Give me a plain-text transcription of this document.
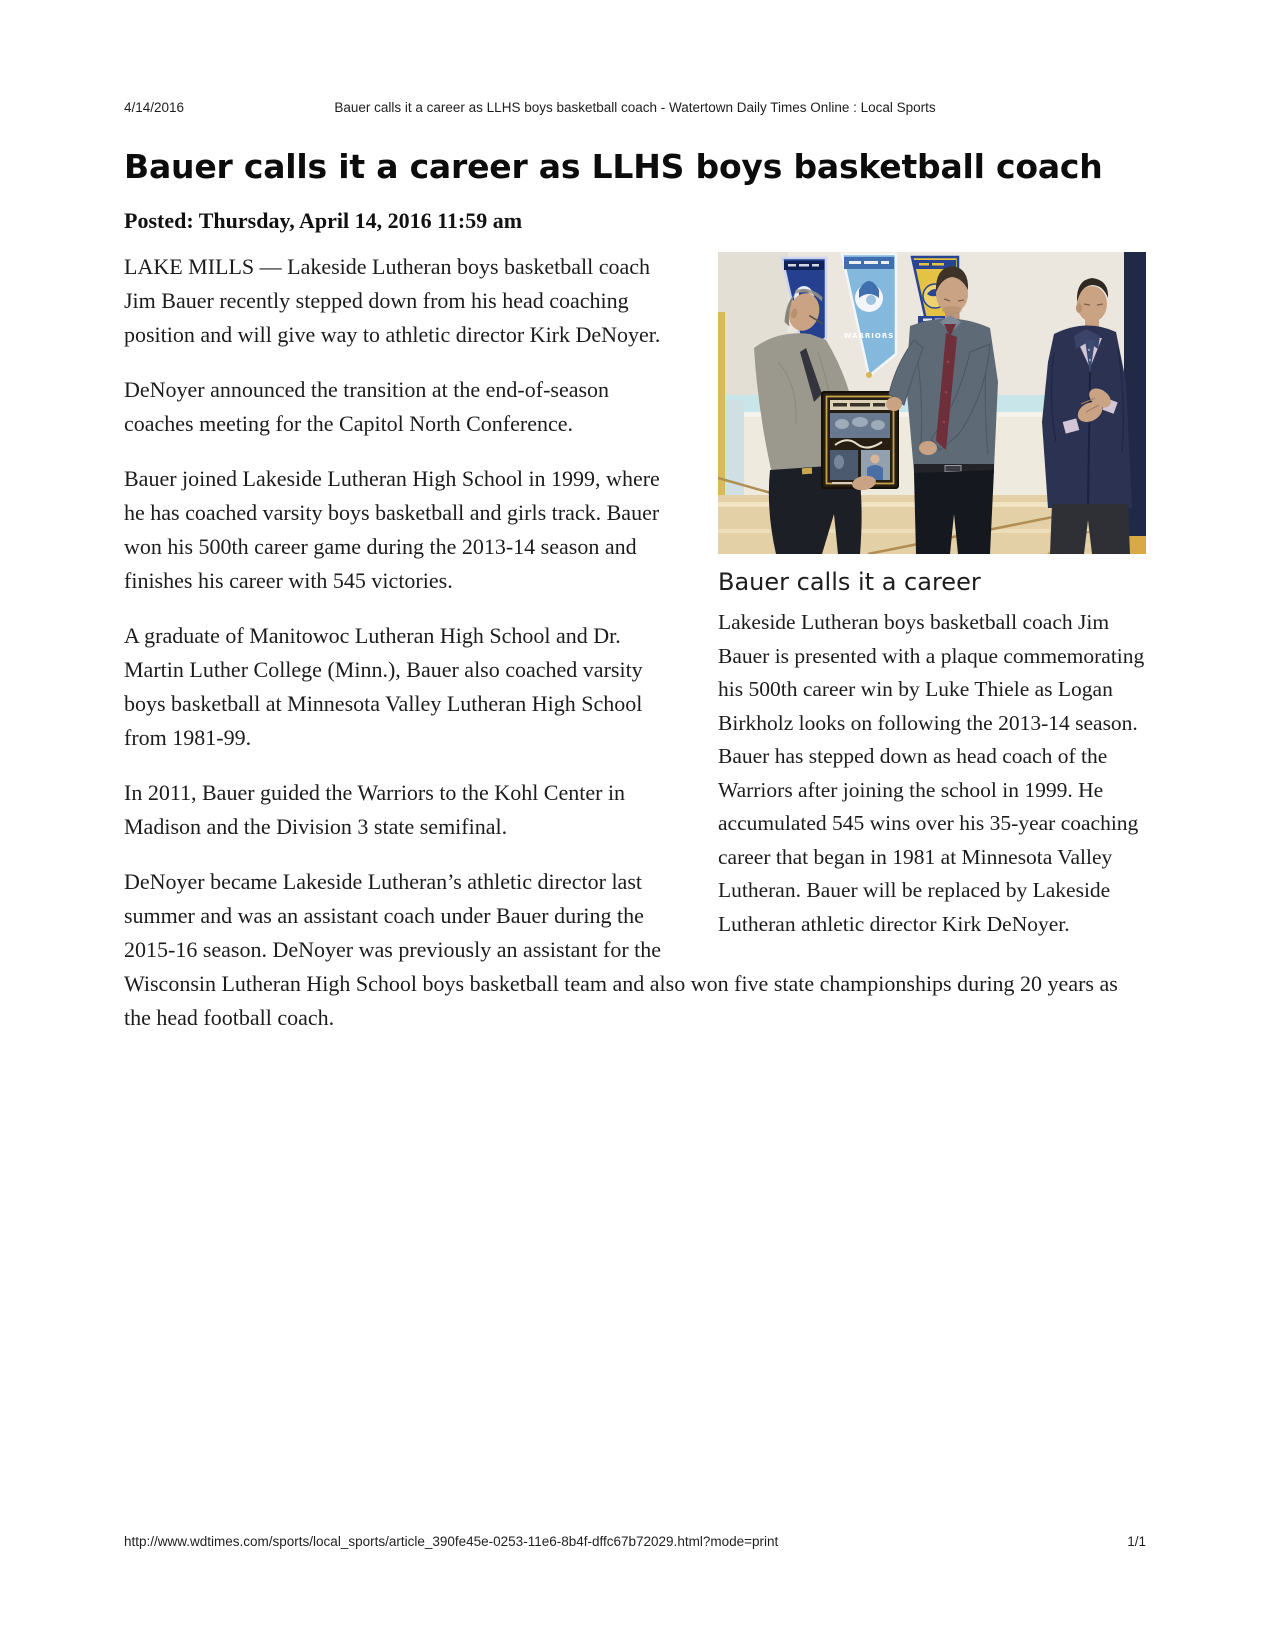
4/14/2016	Bauer calls it a career as LLHS boys basketball coach - Watertown Daily Times Online : Local Sports
Bauer calls it a career as LLHS boys basketball coach
Posted: Thursday, April 14, 2016 11:59 am
WARRIORS
Bauer calls it a career
Lakeside Lutheran boys basketball coach Jim Bauer is presented with a plaque commemorating his 500th career win by Luke Thiele as Logan Birkholz looks on following the 2013-14 season. Bauer has stepped down as head coach of the Warriors after joining the school in 1999. He accumulated 545 wins over his 35-year coaching career that began in 1981 at Minnesota Valley Lutheran. Bauer will be replaced by Lakeside Lutheran athletic director Kirk DeNoyer.

LAKE MILLS — Lakeside Lutheran boys basketball coach Jim Bauer recently stepped down from his head coaching position and will give way to athletic director Kirk DeNoyer.

DeNoyer announced the transition at the end-of-season coaches meeting for the Capitol North Conference.

Bauer joined Lakeside Lutheran High School in 1999, where he has coached varsity boys basketball and girls track. Bauer won his 500th career game during the 2013-14 season and finishes his career with 545 victories.

A graduate of Manitowoc Lutheran High School and Dr. Martin Luther College (Minn.), Bauer also coached varsity boys basketball at Minnesota Valley Lutheran High School from 1981-99.

In 2011, Bauer guided the Warriors to the Kohl Center in Madison and the Division 3 state semifinal.

DeNoyer became Lakeside Lutheran’s athletic director last summer and was an assistant coach under Bauer during the 2015-16 season. DeNoyer was previously an assistant for the Wisconsin Lutheran High School boys basketball team and also won five state championships during 20 years as the head football coach.

1/1
http://www.wdtimes.com/sports/local_sports/article_390fe45e-0253-11e6-8b4f-dffc67b72029.html?mode=print
